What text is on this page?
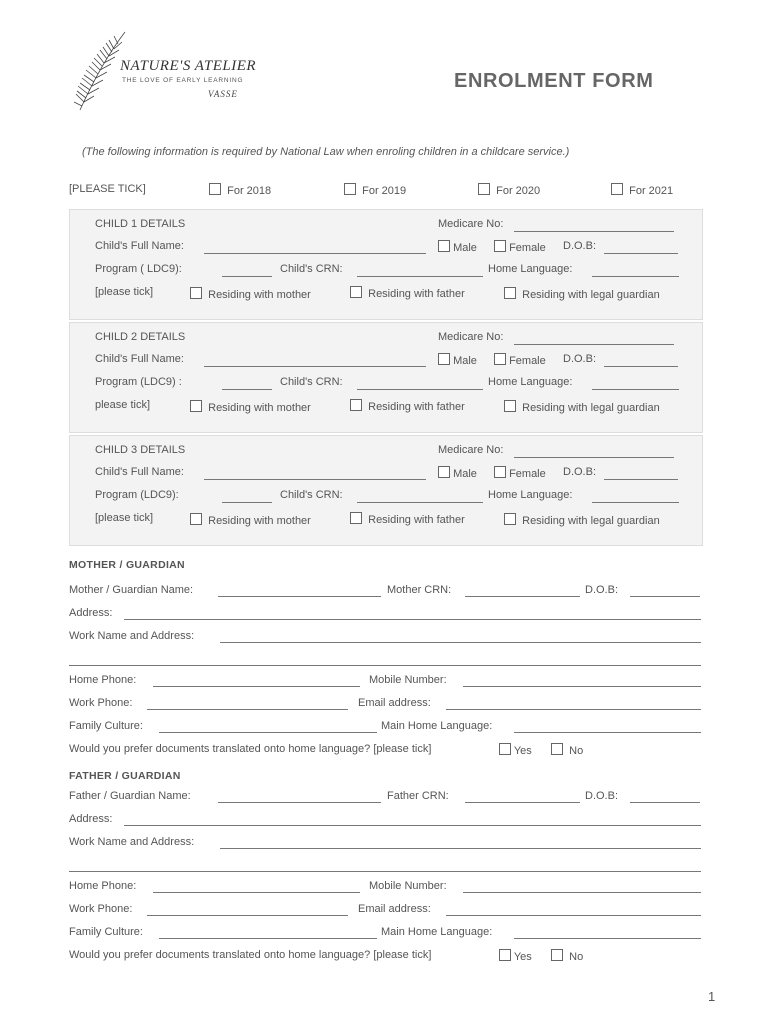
NATURE'S ATELIER
THE LOVE OF EARLY LEARNING
VASSE
ENROLMENT FORM
(The following information is required by National Law when enroling children in a childcare service.)
[PLEASE TICK]	For 2018	For 2019	For 2020	For 2021
CHILD 1 DETAILS	Medicare No:
Child's Full Name:	Male	Female D.O.B:
Program ( LDC9):	Child's CRN:	Home Language:
[please tick]	Residing with mother	Residing with father	Residing with legal guardian
CHILD 2 DETAILS	Medicare No:
Child's Full Name:	Male	Female D.O.B:
Program (LDC9) :	Child's CRN:	Home Language:
please tick]	Residing with mother	Residing with father	Residing with legal guardian
CHILD 3 DETAILS	Medicare No:
Child's Full Name:	Male	Female D.O.B:
Program (LDC9):	Child's CRN:	Home Language:
[please tick]	Residing with mother	Residing with father	Residing with legal guardian
MOTHER / GUARDIAN
Mother / Guardian Name:	Mother CRN:	D.O.B:
Address:
Work Name and Address:
Home Phone:	Mobile Number:
Work Phone:	Email address:
Family Culture:	Main Home Language:
Would you prefer documents translated onto home language? [please tick]	Yes	No
FATHER / GUARDIAN
Father / Guardian Name:	Father CRN:	D.O.B:
Address:
Work Name and Address:
Home Phone:	Mobile Number:
Work Phone:	Email address:
Family Culture:	Main Home Language:
Would you prefer documents translated onto home language? [please tick]	Yes	No
1
